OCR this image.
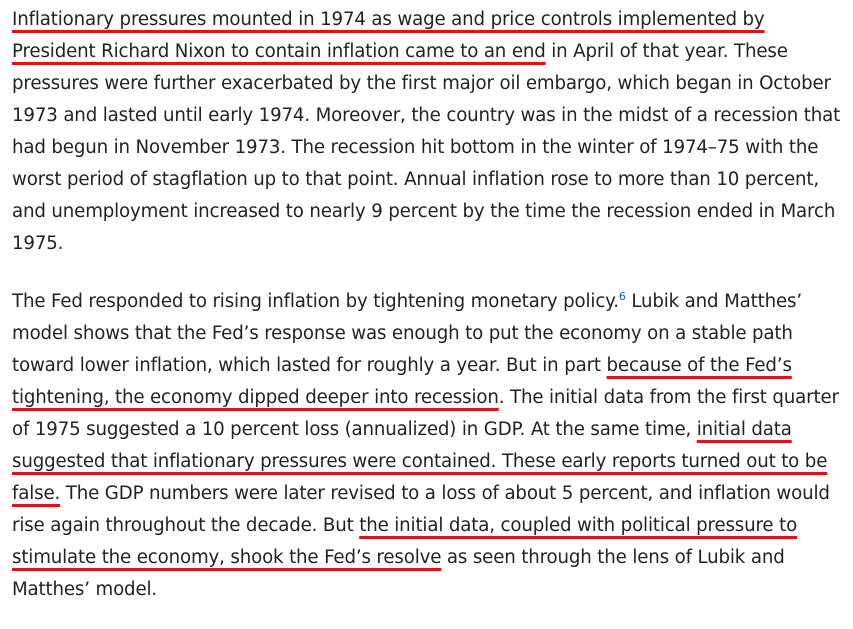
Inflationary pressures mounted in 1974 as wage and price controls implemented by President Richard Nixon to contain inflation came to an end in April of that year. These pressures were further exacerbated by the first major oil embargo, which began in October 1973 and lasted until early 1974. Moreover, the country was in the midst of a recession that had begun in November 1973. The recession hit bottom in the winter of 1974–75 with the worst period of stagflation up to that point. Annual inflation rose to more than 10 percent, and unemployment increased to nearly 9 percent by the time the recession ended in March 1975.

The Fed responded to rising inflation by tightening monetary policy.$^6$ Lubik and Matthes’ model shows that the Fed’s response was enough to put the economy on a stable path toward lower inflation, which lasted for roughly a year. But in part because of the Fed’s tightening, the economy dipped deeper into recession. The initial data from the first quarter of 1975 suggested a 10 percent loss (annualized) in GDP. At the same time, initial data suggested that inflationary pressures were contained. These early reports turned out to be false. The GDP numbers were later revised to a loss of about 5 percent, and inflation would rise again throughout the decade. But the initial data, coupled with political pressure to stimulate the economy, shook the Fed’s resolve as seen through the lens of Lubik and Matthes’ model.
